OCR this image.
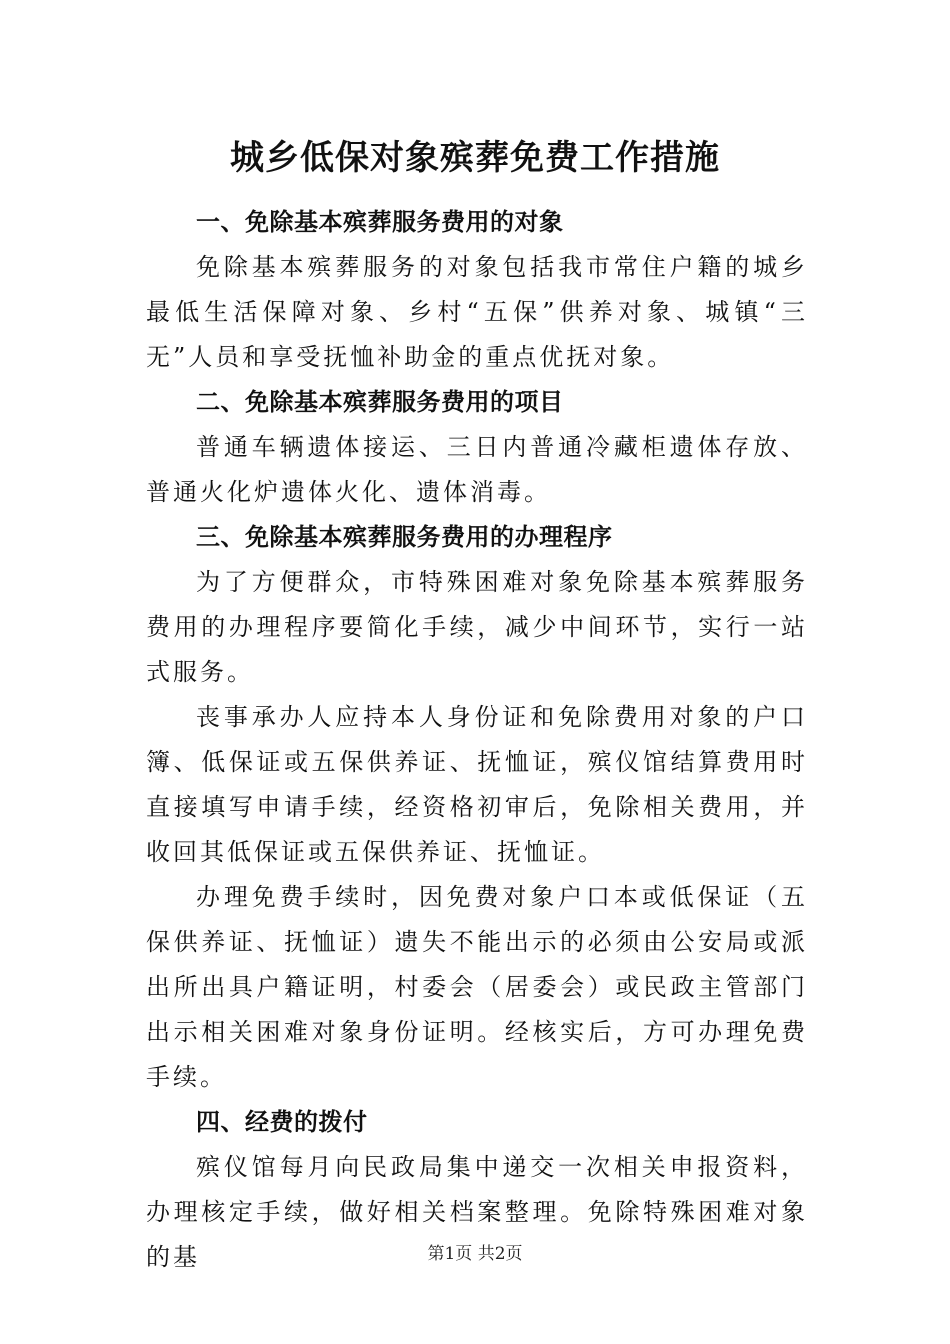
城乡低保对象殡葬免费工作措施

一、免除基本殡葬服务费用的对象

免除基本殡葬服务的对象包括我市常住户籍的城乡最低生活保障对象、乡村“五保”供养对象、城镇“三无”人员和享受抚恤补助金的重点优抚对象。

二、免除基本殡葬服务费用的项目

普通车辆遗体接运、三日内普通冷藏柜遗体存放、普通火化炉遗体火化、遗体消毒。

三、免除基本殡葬服务费用的办理程序

为了方便群众，市特殊困难对象免除基本殡葬服务费用的办理程序要简化手续，减少中间环节，实行一站式服务。

丧事承办人应持本人身份证和免除费用对象的户口簿、低保证或五保供养证、抚恤证，殡仪馆结算费用时直接填写申请手续，经资格初审后，免除相关费用，并收回其低保证或五保供养证、抚恤证。

办理免费手续时，因免费对象户口本或低保证（五保供养证、抚恤证）遗失不能出示的必须由公安局或派出所出具户籍证明，村委会（居委会）或民政主管部门出示相关困难对象身份证明。经核实后，方可办理免费手续。

四、经费的拨付

殡仪馆每月向民政局集中递交一次相关申报资料，办理核定手续，做好相关档案整理。免除特殊困难对象的基	第1页 共2页
